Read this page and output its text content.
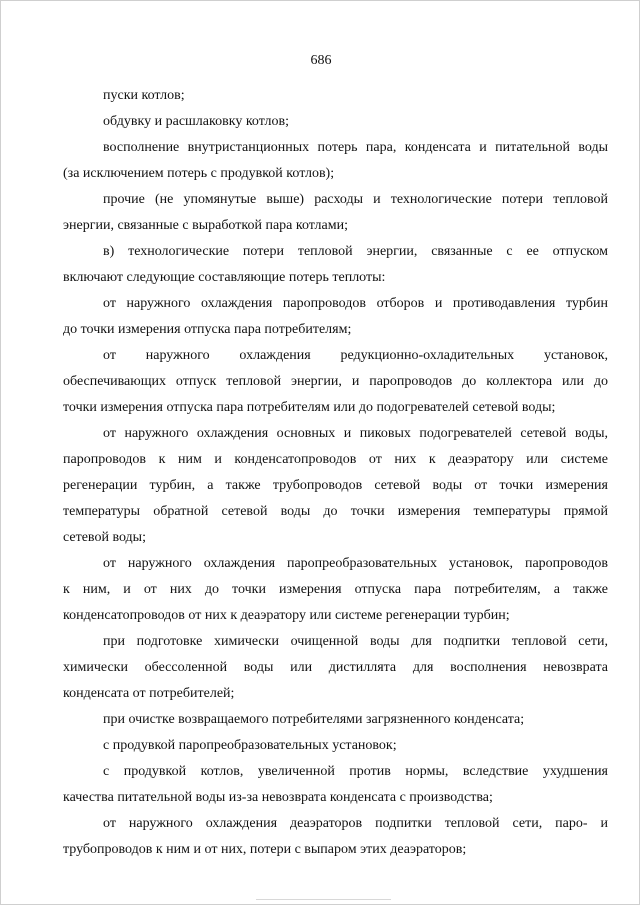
686

пуски котлов;

обдувку и расшлаковку котлов;

восполнение внутристанционных потерь пара, конденсата и питательной воды
(за исключением потерь с продувкой котлов);

прочие (не упомянутые выше) расходы и технологические потери тепловой
энергии, связанные с выработкой пара котлами;

в) технологические потери тепловой энергии, связанные с ее отпуском
включают следующие составляющие потерь теплоты:

от наружного охлаждения паропроводов отборов и противодавления турбин
до точки измерения отпуска пара потребителям;

от наружного охлаждения редукционно-охладительных установок,
обеспечивающих отпуск тепловой энергии, и паропроводов до коллектора или до
точки измерения отпуска пара потребителям или до подогревателей сетевой воды;

от наружного охлаждения основных и пиковых подогревателей сетевой воды,
паропроводов к ним и конденсатопроводов от них к деаэратору или системе
регенерации турбин, а также трубопроводов сетевой воды от точки измерения
температуры обратной сетевой воды до точки измерения температуры прямой
сетевой воды;

от наружного охлаждения паропреобразовательных установок, паропроводов
к ним, и от них до точки измерения отпуска пара потребителям, а также
конденсатопроводов от них к деаэратору или системе регенерации турбин;

при подготовке химически очищенной воды для подпитки тепловой сети,
химически обессоленной воды или дистиллята для восполнения невозврата
конденсата от потребителей;

при очистке возвращаемого потребителями загрязненного конденсата;

с продувкой паропреобразовательных установок;

с продувкой котлов, увеличенной против нормы, вследствие ухудшения
качества питательной воды из-за невозврата конденсата с производства;

от наружного охлаждения деаэраторов подпитки тепловой сети, паро- и
трубопроводов к ним и от них, потери с выпаром этих деаэраторов;
